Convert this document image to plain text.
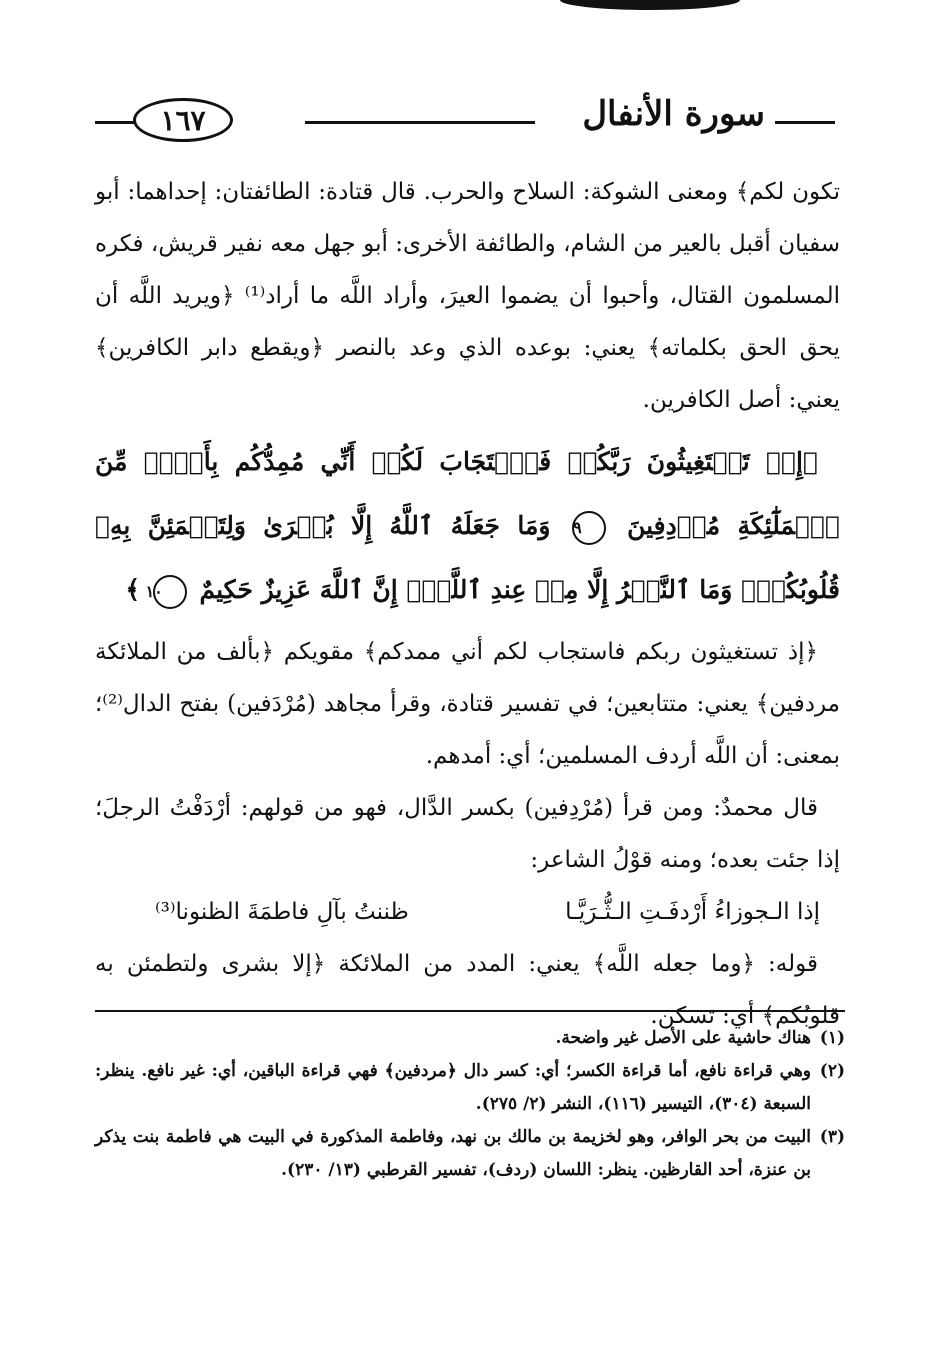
سورة الأنفال
١٦٧

تكون لكم﴾ ومعنى الشوكة: السلاح والحرب. قال قتادة: الطائفتان: إحداهما: أبو سفيان أقبل بالعير من الشام، والطائفة الأخرى: أبو جهل معه نفير قريش، فكره المسلمون القتال، وأحبوا أن يضموا العيرَ، وأراد اللَّه ما أراد⁽¹⁾ ﴿ويريد اللَّه أن يحق الحق بكلماته﴾ يعني: بوعده الذي وعد بالنصر ﴿ويقطع دابر الكافرين﴾ يعني: أصل الكافرين.

﴿إِذۡ تَسۡتَغِيثُونَ رَبَّكُمۡ فَٱسۡتَجَابَ لَكُمۡ أَنِّي مُمِدُّكُم بِأَلۡفٖ مِّنَ ٱلۡمَلَٰٓئِكَةِ مُرۡدِفِينَ ٩ وَمَا جَعَلَهُ ٱللَّهُ إِلَّا بُشۡرَىٰ وَلِتَطۡمَئِنَّ بِهِۦ قُلُوبُكُمۡۚ وَمَا ٱلنَّصۡرُ إِلَّا مِنۡ عِندِ ٱللَّهِۚ إِنَّ ٱللَّهَ عَزِيزٌ حَكِيمٌ ١٠ ﴾

﴿إذ تستغيثون ربكم فاستجاب لكم أني ممدكم﴾ مقويكم ﴿بألف من الملائكة مردفين﴾ يعني: متتابعين؛ في تفسير قتادة، وقرأ مجاهد (مُرْدَفين) بفتح الدال⁽²⁾؛ بمعنى: أن اللَّه أردف المسلمين؛ أي: أمدهم.

قال محمدٌ: ومن قرأ (مُرْدِفين) بكسر الدَّال، فهو من قولهم: أرْدَفْتُ الرجلَ؛ إذا جئت بعده؛ ومنه قوْلُ الشاعر:

إذا الـجوزاءُ أَرْدفَـتِ الـثُّـرَيَّـا
ظننتُ بآلِ فاطمَةَ الظنونا⁽³⁾

قوله: ﴿وما جعله اللَّه﴾ يعني: المدد من الملائكة ﴿إلا بشرى ولتطمئن به قلوبُكم﴾ أي: تسكن.

(١)
هناك حاشية على الأصل غير واضحة.
(٢)
وهي قراءة نافع، أما قراءة الكسر؛ أي: كسر دال ﴿مردفين﴾ فهي قراءة الباقين، أي: غير نافع. ينظر: السبعة (٣٠٤)، التيسير (١١٦)، النشر (٢/ ٢٧٥).
(٣)
البيت من بحر الوافر، وهو لخزيمة بن مالك بن نهد، وفاطمة المذكورة في البيت هي فاطمة بنت يذكر بن عنزة، أحد القارظين. ينظر: اللسان (ردف)، تفسير القرطبي (١٣/ ٢٣٠).
